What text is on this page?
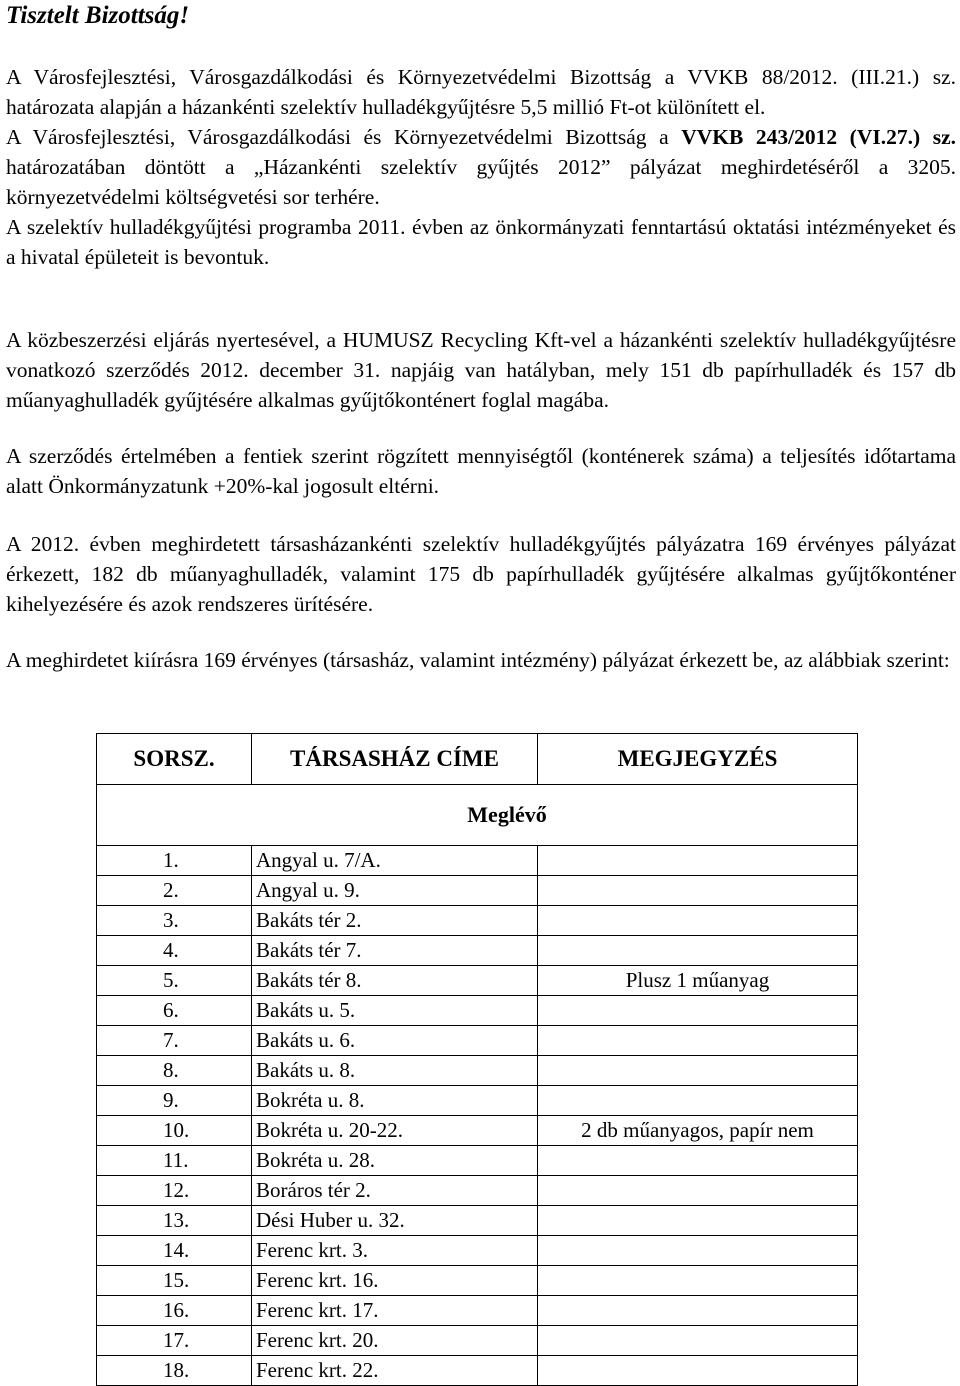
Tisztelt Bizottság!
A Városfejlesztési, Városgazdálkodási és Környezetvédelmi Bizottság a VVKB 88/2012. (III.21.) sz. határozata alapján a házankénti szelektív hulladékgyűjtésre 5,5 millió Ft-ot különített el.
A Városfejlesztési, Városgazdálkodási és Környezetvédelmi Bizottság a VVKB 243/2012 (VI.27.) sz. határozatában döntött a „Házankénti szelektív gyűjtés 2012” pályázat meghirdetéséről a 3205. környezetvédelmi költségvetési sor terhére.
A szelektív hulladékgyűjtési programba 2011. évben az önkormányzati fenntartású oktatási intézményeket és a hivatal épületeit is bevontuk.
A közbeszerzési eljárás nyertesével, a HUMUSZ Recycling Kft-vel a házankénti szelektív hulladékgyűjtésre vonatkozó szerződés 2012. december 31. napjáig van hatályban, mely 151 db papírhulladék és 157 db műanyaghulladék gyűjtésére alkalmas gyűjtőkonténert foglal magába.
A szerződés értelmében a fentiek szerint rögzített mennyiségtől (konténerek száma) a teljesítés időtartama alatt Önkormányzatunk +20%-kal jogosult eltérni.
A 2012. évben meghirdetett társasházankénti szelektív hulladékgyűjtés pályázatra 169 érvényes pályázat érkezett, 182 db műanyaghulladék, valamint 175 db papírhulladék gyűjtésére alkalmas gyűjtőkonténer kihelyezésére és azok rendszeres ürítésére.
A meghirdetet kiírásra 169 érvényes (társasház, valamint intézmény) pályázat érkezett be, az alábbiak szerint:
SORSZ.	TÁRSASHÁZ CÍME	MEGJEGYZÉS
Meglévő		
1.	Angyal u. 7/A.	
2.	Angyal u. 9.	
3.	Bakáts tér 2.	
4.	Bakáts tér 7.	
5.	Bakáts tér 8.	Plusz 1 műanyag
6.	Bakáts u. 5.	
7.	Bakáts u. 6.	
8.	Bakáts u. 8.	
9.	Bokréta u. 8.	
10.	Bokréta u. 20-22.	2 db műanyagos, papír nem
11.	Bokréta u. 28.	
12.	Boráros tér 2.	
13.	Dési Huber u. 32.	
14.	Ferenc krt. 3.	
15.	Ferenc krt. 16.	
16.	Ferenc krt. 17.	
17.	Ferenc krt. 20.	
18.	Ferenc krt. 22.	
